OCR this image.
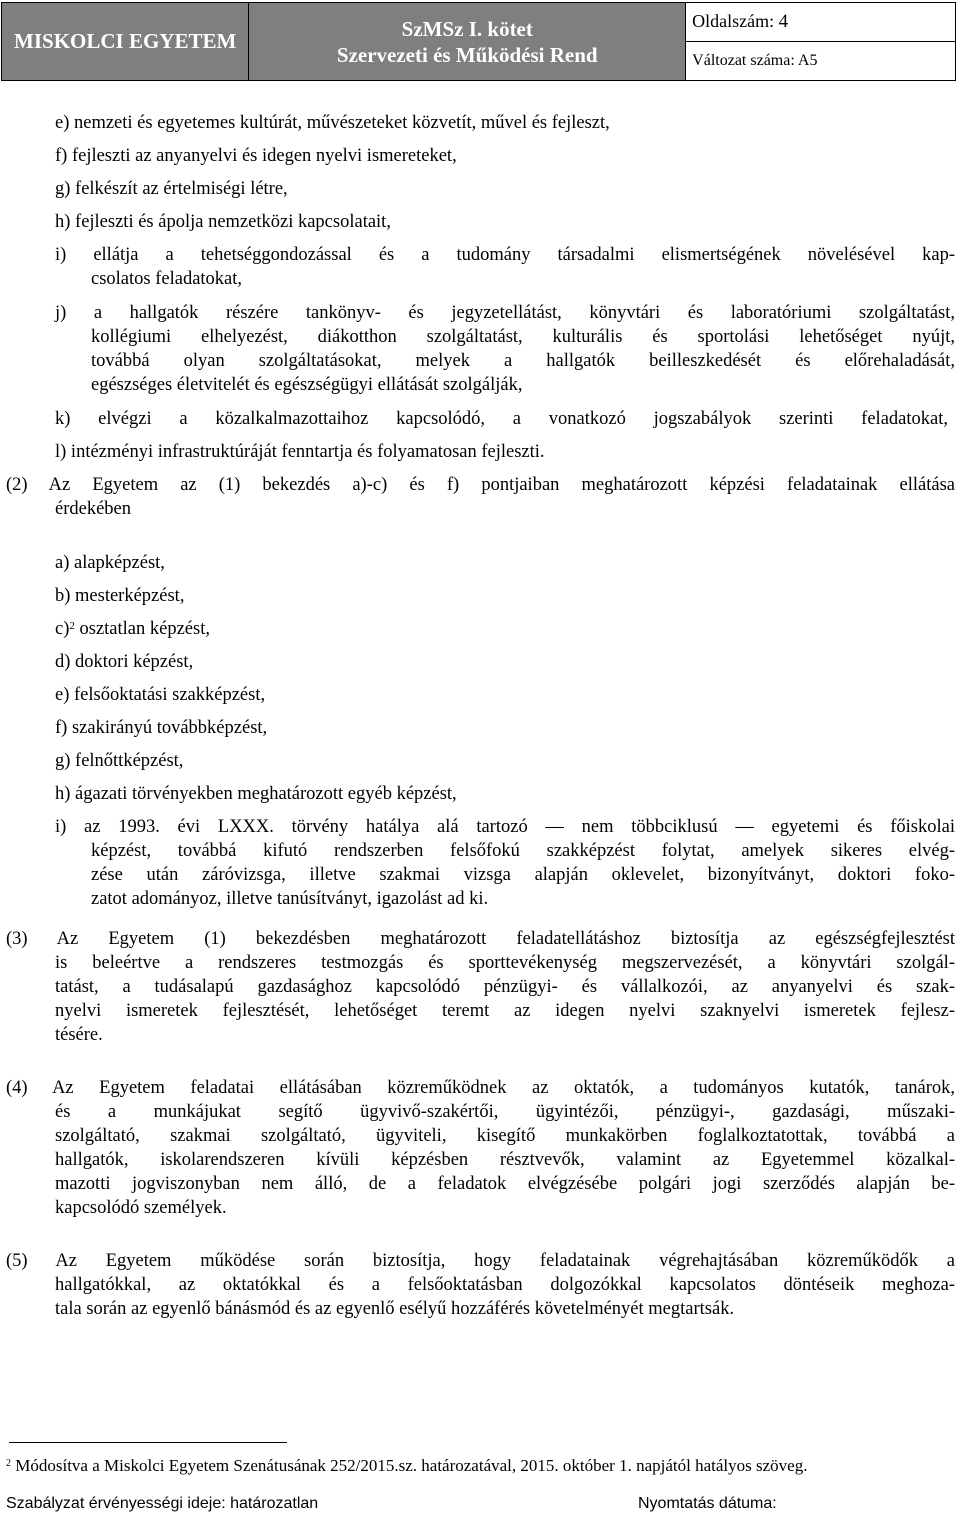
MISKOLCI EGYETEM	
SzMSz I. kötet
Szervezeti és Működési Rend
	Oldalszám: 4
Változat száma: A5
e) nemzeti és egyetemes kultúrát, művészeteket közvetít, művel és fejleszt,
f) fejleszti az anyanyelvi és idegen nyelvi ismereteket,
g) felkészít az értelmiségi létre,
h) fejleszti és ápolja nemzetközi kapcsolatait,
i) ellátja a tehetséggondozással és a tudomány társadalmi elismertségének növelésével kap-
csolatos feladatokat,
j) a hallgatók részére tankönyv- és jegyzetellátást, könyvtári és laboratóriumi szolgáltatást,
kollégiumi elhelyezést, diákotthon szolgáltatást, kulturális és sportolási lehetőséget nyújt,
továbbá olyan szolgáltatásokat, melyek a hallgatók beilleszkedését és előrehaladását,
egészséges életvitelét és egészségügyi ellátását szolgálják,
k) elvégzi a közalkalmazottaihoz kapcsolódó, a vonatkozó jogszabályok szerinti feladatokat,
l) intézményi infrastruktúráját fenntartja és folyamatosan fejleszti.
(2) Az Egyetem az (1) bekezdés a)-c) és f) pontjaiban meghatározott képzési feladatainak ellátása
érdekében
a) alapképzést,
b) mesterképzést,
c)$^2$ osztatlan képzést,
d) doktori képzést,
e) felsőoktatási szakképzést,
f) szakirányú továbbképzést,
g) felnőttképzést,
h) ágazati törvényekben meghatározott egyéb képzést,
i) az 1993. évi LXXX. törvény hatálya alá tartozó — nem többciklusú — egyetemi és főiskolai
képzést, továbbá kifutó rendszerben felsőfokú szakképzést folytat, amelyek sikeres elvég-
zése után záróvizsga, illetve szakmai vizsga alapján oklevelet, bizonyítványt, doktori foko-
zatot adományoz, illetve tanúsítványt, igazolást ad ki.
(3) Az Egyetem (1) bekezdésben meghatározott feladatellátáshoz biztosítja az egészségfejlesztést
is beleértve a rendszeres testmozgás és sporttevékenység megszervezését, a könyvtári szolgál-
tatást, a tudásalapú gazdasághoz kapcsolódó pénzügyi- és vállalkozói, az anyanyelvi és szak-
nyelvi ismeretek fejlesztését, lehetőséget teremt az idegen nyelvi szaknyelvi ismeretek fejlesz-
tésére.
(4) Az Egyetem feladatai ellátásában közreműködnek az oktatók, a tudományos kutatók, tanárok,
és a munkájukat segítő ügyvivő-szakértői, ügyintézői, pénzügyi-, gazdasági, műszaki-
szolgáltató, szakmai szolgáltató, ügyviteli, kisegítő munkakörben foglalkoztatottak, továbbá a
hallgatók, iskolarendszeren kívüli képzésben résztvevők, valamint az Egyetemmel közalkal-
mazotti jogviszonyban nem álló, de a feladatok elvégzésébe polgári jogi szerződés alapján be-
kapcsolódó személyek.
(5) Az Egyetem működése során biztosítja, hogy feladatainak végrehajtásában közreműködők a
hallgatókkal, az oktatókkal és a felsőoktatásban dolgozókkal kapcsolatos döntéseik meghoza-
tala során az egyenlő bánásmód és az egyenlő esélyű hozzáférés követelményét megtartsák.
$^2$ Módosítva a Miskolci Egyetem Szenátusának 252/2015.sz. határozatával, 2015. október 1. napjától hatályos szöveg.
Szabályzat érvényességi ideje: határozatlan	Nyomtatás dátuma:
